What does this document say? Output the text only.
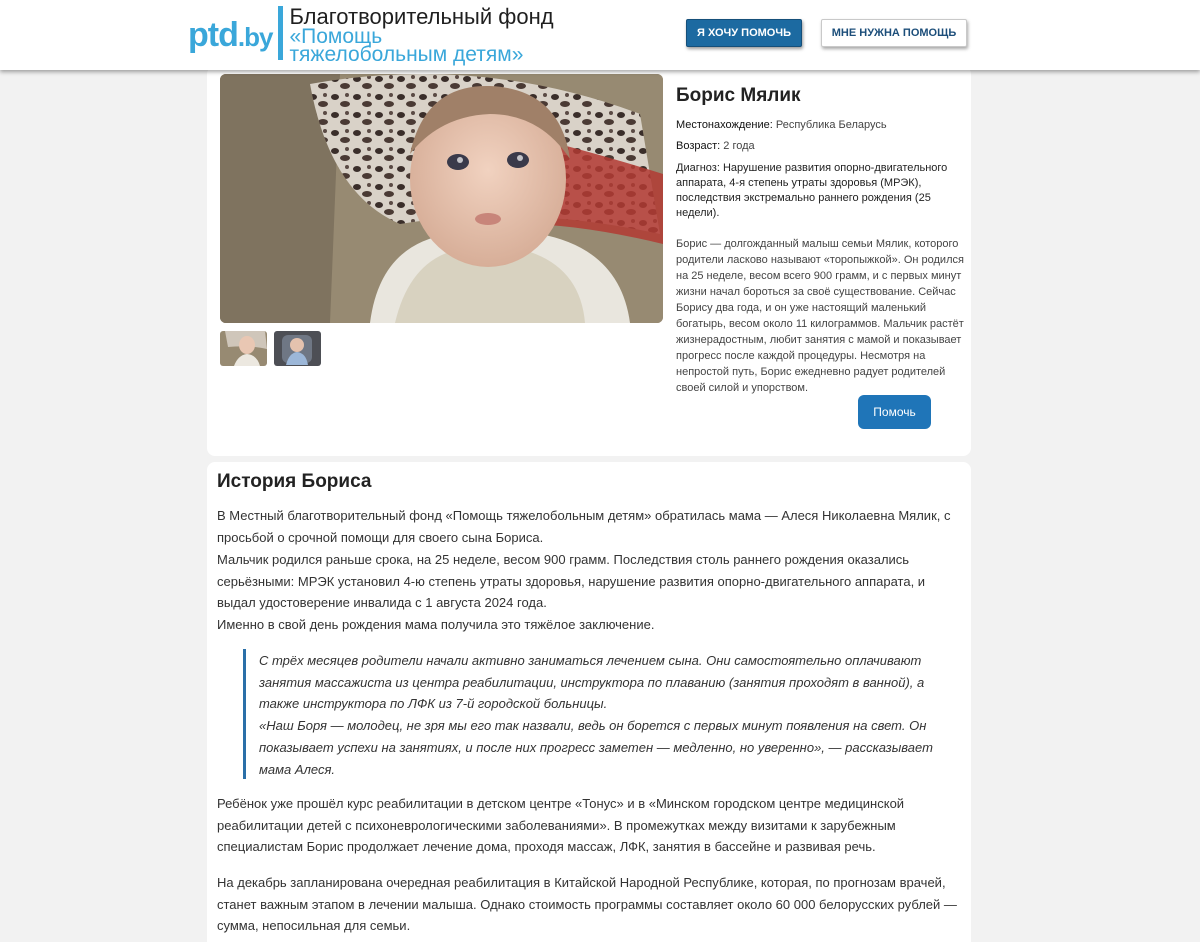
ptd.by
Благотворительный фонд
«Помощь
тяжелобольным детям»
Я ХОЧУ ПОМОЧЬ	МНЕ НУЖНА ПОМОЩЬ
Борис Мялик
Местонахождение: Республика Беларусь
Возраст: 2 года
Диагноз: Нарушение развития опорно-двигательного аппарата, 4-я степень утраты здоровья (МРЭК), последствия экстремально раннего рождения (25 недели).
Борис — долгожданный малыш семьи Мялик, которого родители ласково называют «торопыжкой». Он родился на 25 неделе, весом всего 900 грамм, и с первых минут жизни начал бороться за своё существование. Сейчас Борису два года, и он уже настоящий маленький богатырь, весом около 11 килограммов. Мальчик растёт жизнерадостным, любит занятия с мамой и показывает прогресс после каждой процедуры. Несмотря на непростой путь, Борис ежедневно радует родителей своей силой и упорством.
Помочь
История Бориса
В Местный благотворительный фонд «Помощь тяжелобольным детям» обратилась мама — Алеся Николаевна Мялик, с просьбой о срочной помощи для своего сына Бориса.
Мальчик родился раньше срока, на 25 неделе, весом 900 грамм. Последствия столь раннего рождения оказались серьёзными: МРЭК установил 4-ю степень утраты здоровья, нарушение развития опорно-двигательного аппарата, и выдал удостоверение инвалида с 1 августа 2024 года.
Именно в свой день рождения мама получила это тяжёлое заключение.
С трёх месяцев родители начали активно заниматься лечением сына. Они самостоятельно оплачивают занятия массажиста из центра реабилитации, инструктора по плаванию (занятия проходят в ванной), а также инструктора по ЛФК из 7-й городской больницы.
«Наш Боря — молодец, не зря мы его так назвали, ведь он борется с первых минут появления на свет. Он показывает успехи на занятиях, и после них прогресс заметен — медленно, но уверенно», — рассказывает мама Алеся.
Ребёнок уже прошёл курс реабилитации в детском центре «Тонус» и в «Минском городском центре медицинской реабилитации детей с психоневрологическими заболеваниями». В промежутках между визитами к зарубежным специалистам Борис продолжает лечение дома, проходя массаж, ЛФК, занятия в бассейне и развивая речь.
На декабрь запланирована очередная реабилитация в Китайской Народной Республике, которая, по прогнозам врачей, станет важным этапом в лечении малыша. Однако стоимость программы составляет около 60 000 белорусских рублей — сумма, непосильная для семьи.
